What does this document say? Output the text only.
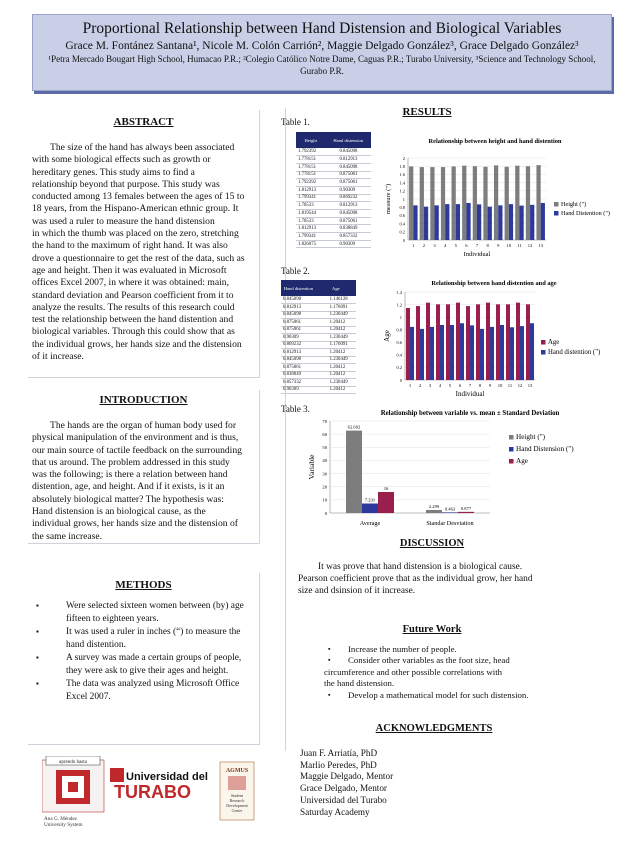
Proportional Relationship between Hand Distension and Biological Variables
Grace M. Fontánez Santana¹, Nicole M. Colón Carrión², Maggie Delgado González³, Grace Delgado González³
¹Petra Mercado Bougart High School, Humacao P.R.; ²Colegio Católico Notre Dame, Caguas P.R.; Turabo University, ³Science and Technology School, Gurabo P.R.
ABSTRACT
The size of the hand has always been associated
with some biological effects such as growth or
hereditary genes. This study aims to find a
relationship beyond that purpose. This study was
conducted among 13 females between the ages of 15 to
18 years, from the Hispano-American ethnic group. It
was used a ruler to measure the hand distension
in which the thumb was placed on the zero, stretching
the hand to the maximum of right hand. It was also
drove a questionnaire to get the rest of the data, such as
age and height. Then it was evaluated in Microsoft
offices Excel 2007, in where it was obtained: main,
standard deviation and Pearson coefficient from it to
analyze the results. The results of this research could
test the relationship between the hand distention and
biological variables. Through this could show that as
the individual grows, her hands size and the distension
of it increase.
INTRODUCTION
The hands are the organ of human body used for
physical manipulation of the environment and is thus,
our main source of tactile feedback on the surrounding
that us around. The problem addressed in this study
was the following; is there a relation between hand
distention, age, and height. And if it exists, is it an
absolutely biological matter? The hypothesis was:
Hand distension is an biological cause, as the
individual grows, her hands size and the distension of
the same increase.
METHODS
▪	Were selected sixteen women between (by) age
fifteen to eighteen years.
▪	It was used a ruler in inches (“) to measure the
hand distention.
▪	A survey was made a certain groups of people,
they were ask to give their ages and height.
▪	The data was analyzed using Microsoft Office
Excel 2007.
RESULTS
Table 1.
Height	Hand distension
1.792392	0.845098
1.778151	0.812913
1.778151	0.845098
1.778151	0.875061
1.792392	0.875061
1.812913	0.90309
1.799341	0.869232
1.78533	0.812913
1.819544	0.845098
1.78533	0.875061
1.812913	0.838849
1.799341	0.857332
1.826075	0.90309
Table 2.
Hand distention	Age
0.845098	1.146128
0.812913	1.176091
0.845098	1.230449
0.875061	1.20412
0.875061	1.20412
0.90309	1.230449
0.869232	1.176091
0.812913	1.20412
0.845098	1.230449
0.875061	1.20412
0.838849	1.20412
0.857332	1.230449
0.90309	1.20412
Table 3.
Relationship between height and hand distention
0
0.2
0.4
0.6
0.8
1
1.2
1.4
1.6
1.8
2
1 2 3 4 5 6 7 8 9 10 11 12 13
Individual
measure (")	Height (")
Hand Distention (")
Relationship between hand distention and age
0
0.2
0.4
0.6
0.8
1
1.2
1.4
1 2 3 4 5 6 7 8 9 10 11 12 13
Individual
Age
Age
Hand distention (")
Relationship between variable vs. mean ± Standard Deviation
0
10
20
30
40
50
60
70
62.692
7.231
16
Average
2.299 0.463 0.877
Standar Desviation
Variable
Height (")
Hand Distension (")
Age
DISCUSSION
It was prove that hand distension is a biological cause.
Pearson coefficient prove that as the individual grow, her hand
size and dsinsion of it increase.
Future Work
▪ Increase the number of people.
▪ Consider other variables as the foot size, head
circumference and other possible correlations with
the hand distension.
▪ Develop a mathematical model for such distension.
ACKNOWLEDGMENTS
Juan F. Arriatía, PhD
Marlio Peredes, PhD
Maggie Delgado, Mentor
Grace Delgado, Mentor
Universidad del Turabo
Saturday Academy
aprendo hasta
Ana G. Méndez
University System
Universidad del
TURABO
AGMUS
Student
Research
Development
Center
